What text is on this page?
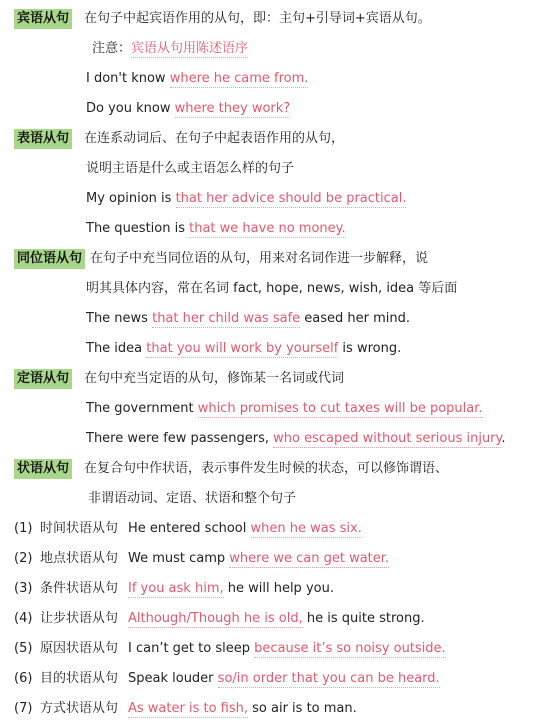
宾语从句 在句子中起宾语作用的从句，即：主句+引导词+宾语从句。
注意：宾语从句用陈述语序
I don't know where he came from.
Do you know where they work?
表语从句 在连系动词后、在句子中起表语作用的从句，
说明主语是什么或主语怎么样的句子
My opinion is that her advice should be practical.
The question is that we have no money.
同位语从句 在句子中充当同位语的从句，用来对名词作进一步解释，说
明其具体内容，常在名词 fact, hope, news, wish, idea 等后面
The news that her child was safe eased her mind.
The idea that you will work by yourself is wrong.
定语从句 在句中充当定语的从句，修饰某一名词或代词
The government which promises to cut taxes will be popular.
There were few passengers, who escaped without serious injury.
状语从句 在复合句中作状语，表示事件发生时候的状态，可以修饰谓语、
非谓语动词、定语、状语和整个句子
(1) 时间状语从句 He entered school when he was six.
(2) 地点状语从句 We must camp where we can get water.
(3) 条件状语从句 If you ask him, he will help you.
(4) 让步状语从句 Although/Though he is old, he is quite strong.
(5) 原因状语从句 I can’t get to sleep because it’s so noisy outside.
(6) 目的状语从句 Speak louder so/in order that you can be heard.
(7) 方式状语从句 As water is to fish, so air is to man.
